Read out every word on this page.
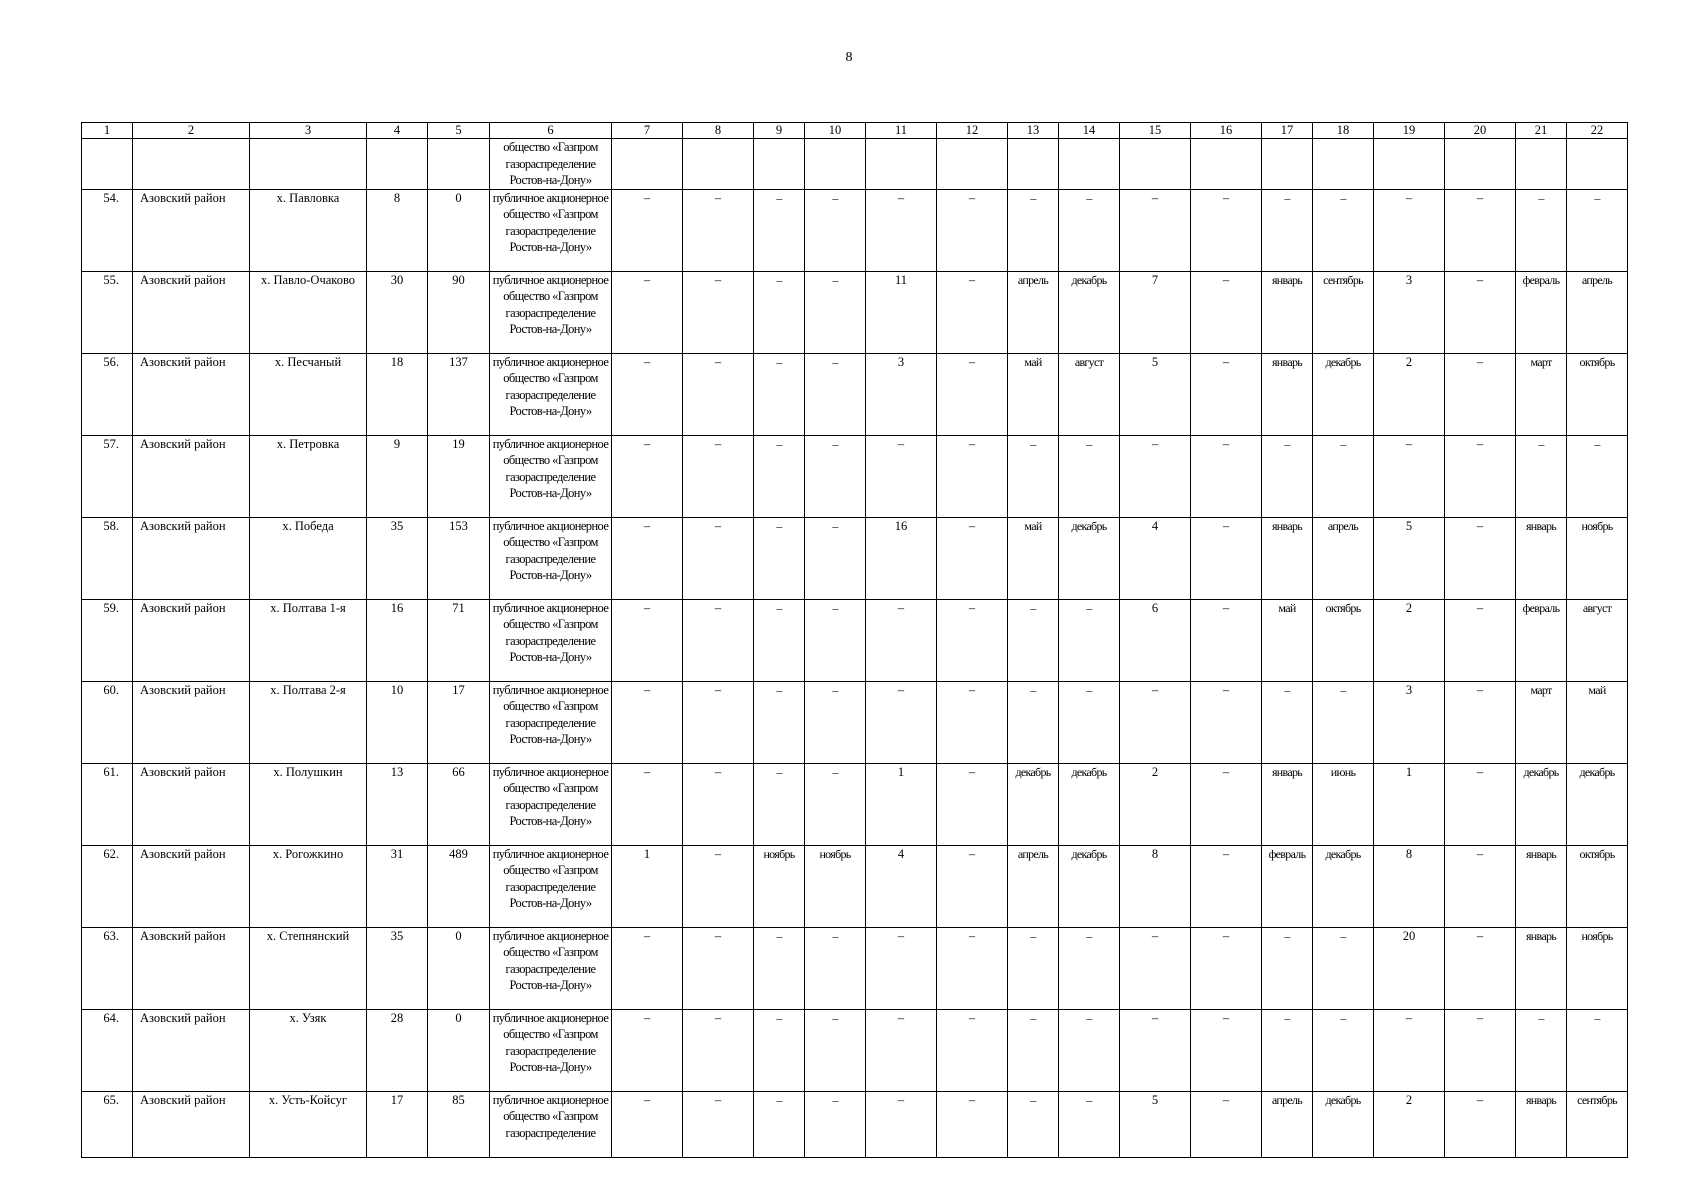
8
1	2	3	4	5	6	7	8	9	10	11	12	13	14	15	16	17	18	19	20	21	22
					общество «Газпром газораспределение Ростов-на-Дону»																
54.	Азовский район	х. Павловка	8	0	публичное акционерное общество «Газпром газораспределение Ростов-на-Дону»	–	–	–	–	–	–	–	–	–	–	–	–	–	–	–	–
55.	Азовский район	х. Павло-Очаково	30	90	публичное акционерное общество «Газпром газораспределение Ростов-на-Дону»	–	–	–	–	11	–	апрель	декабрь	7	–	январь	сентябрь	3	–	февраль	апрель
56.	Азовский район	х. Песчаный	18	137	публичное акционерное общество «Газпром газораспределение Ростов-на-Дону»	–	–	–	–	3	–	май	август	5	–	январь	декабрь	2	–	март	октябрь
57.	Азовский район	х. Петровка	9	19	публичное акционерное общество «Газпром газораспределение Ростов-на-Дону»	–	–	–	–	–	–	–	–	–	–	–	–	–	–	–	–
58.	Азовский район	х. Победа	35	153	публичное акционерное общество «Газпром газораспределение Ростов-на-Дону»	–	–	–	–	16	–	май	декабрь	4	–	январь	апрель	5	–	январь	ноябрь
59.	Азовский район	х. Полтава 1-я	16	71	публичное акционерное общество «Газпром газораспределение Ростов-на-Дону»	–	–	–	–	–	–	–	–	6	–	май	октябрь	2	–	февраль	август
60.	Азовский район	х. Полтава 2-я	10	17	публичное акционерное общество «Газпром газораспределение Ростов-на-Дону»	–	–	–	–	–	–	–	–	–	–	–	–	3	–	март	май
61.	Азовский район	х. Полушкин	13	66	публичное акционерное общество «Газпром газораспределение Ростов-на-Дону»	–	–	–	–	1	–	декабрь	декабрь	2	–	январь	июнь	1	–	декабрь	декабрь
62.	Азовский район	х. Рогожкино	31	489	публичное акционерное общество «Газпром газораспределение Ростов-на-Дону»	1	–	ноябрь	ноябрь	4	–	апрель	декабрь	8	–	февраль	декабрь	8	–	январь	октябрь
63.	Азовский район	х. Степнянский	35	0	публичное акционерное общество «Газпром газораспределение Ростов-на-Дону»	–	–	–	–	–	–	–	–	–	–	–	–	20	–	январь	ноябрь
64.	Азовский район	х. Узяк	28	0	публичное акционерное общество «Газпром газораспределение Ростов-на-Дону»	–	–	–	–	–	–	–	–	–	–	–	–	–	–	–	–
65.	Азовский район	х. Усть-Койсуг	17	85	публичное акционерное общество «Газпром газораспределение	–	–	–	–	–	–	–	–	5	–	апрель	декабрь	2	–	январь	сентябрь
